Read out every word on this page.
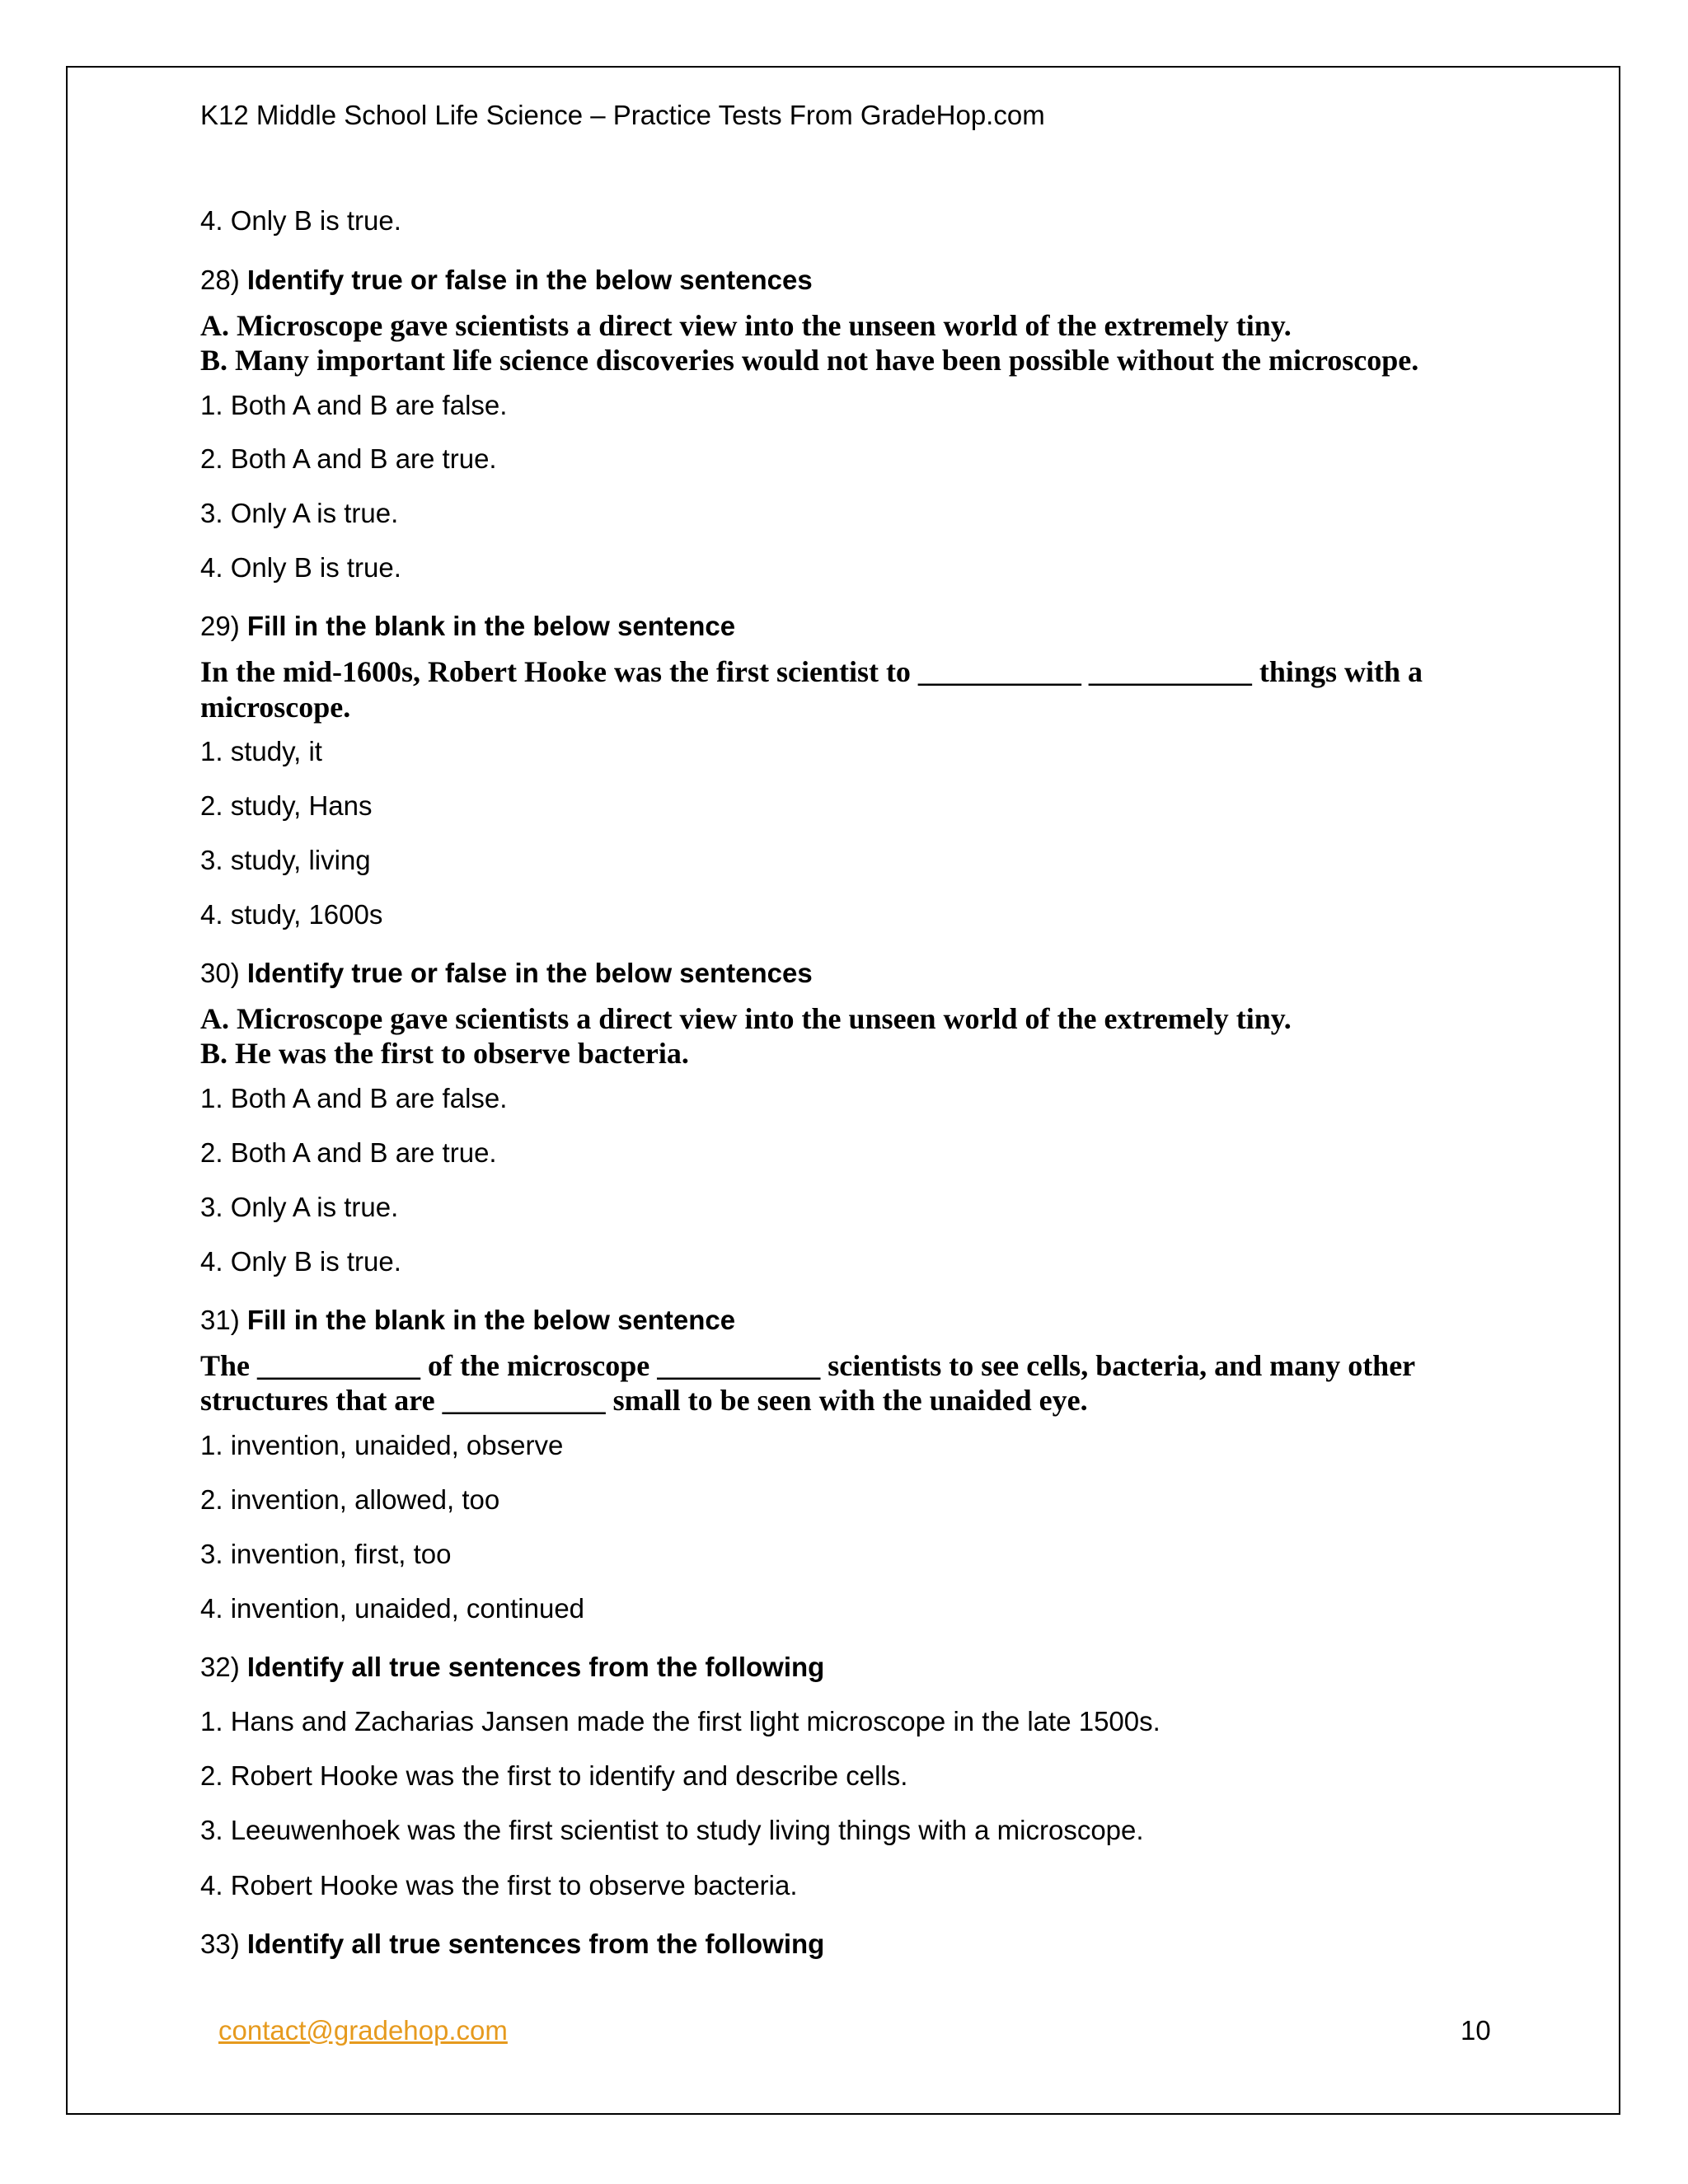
K12 Middle School Life Science – Practice Tests From GradeHop.com
4. Only B is true.
28) Identify true or false in the below sentences
A. Microscope gave scientists a direct view into the unseen world of the extremely tiny.
B. Many important life science discoveries would not have been possible without the microscope.
1. Both A and B are false.
2. Both A and B are true.
3. Only A is true.
4. Only B is true.
29) Fill in the blank in the below sentence
In the mid-1600s, Robert Hooke was the first scientist to ___________ ___________ things with a
microscope.
1. study, it
2. study, Hans
3. study, living
4. study, 1600s
30) Identify true or false in the below sentences
A. Microscope gave scientists a direct view into the unseen world of the extremely tiny.
B. He was the first to observe bacteria.
1. Both A and B are false.
2. Both A and B are true.
3. Only A is true.
4. Only B is true.
31) Fill in the blank in the below sentence
The ___________ of the microscope ___________ scientists to see cells, bacteria, and many other
structures that are ___________ small to be seen with the unaided eye.
1. invention, unaided, observe
2. invention, allowed, too
3. invention, first, too
4. invention, unaided, continued
32) Identify all true sentences from the following
1. Hans and Zacharias Jansen made the first light microscope in the late 1500s.
2. Robert Hooke was the first to identify and describe cells.
3. Leeuwenhoek was the first scientist to study living things with a microscope.
4. Robert Hooke was the first to observe bacteria.
33) Identify all true sentences from the following
contact@gradehop.com	10
